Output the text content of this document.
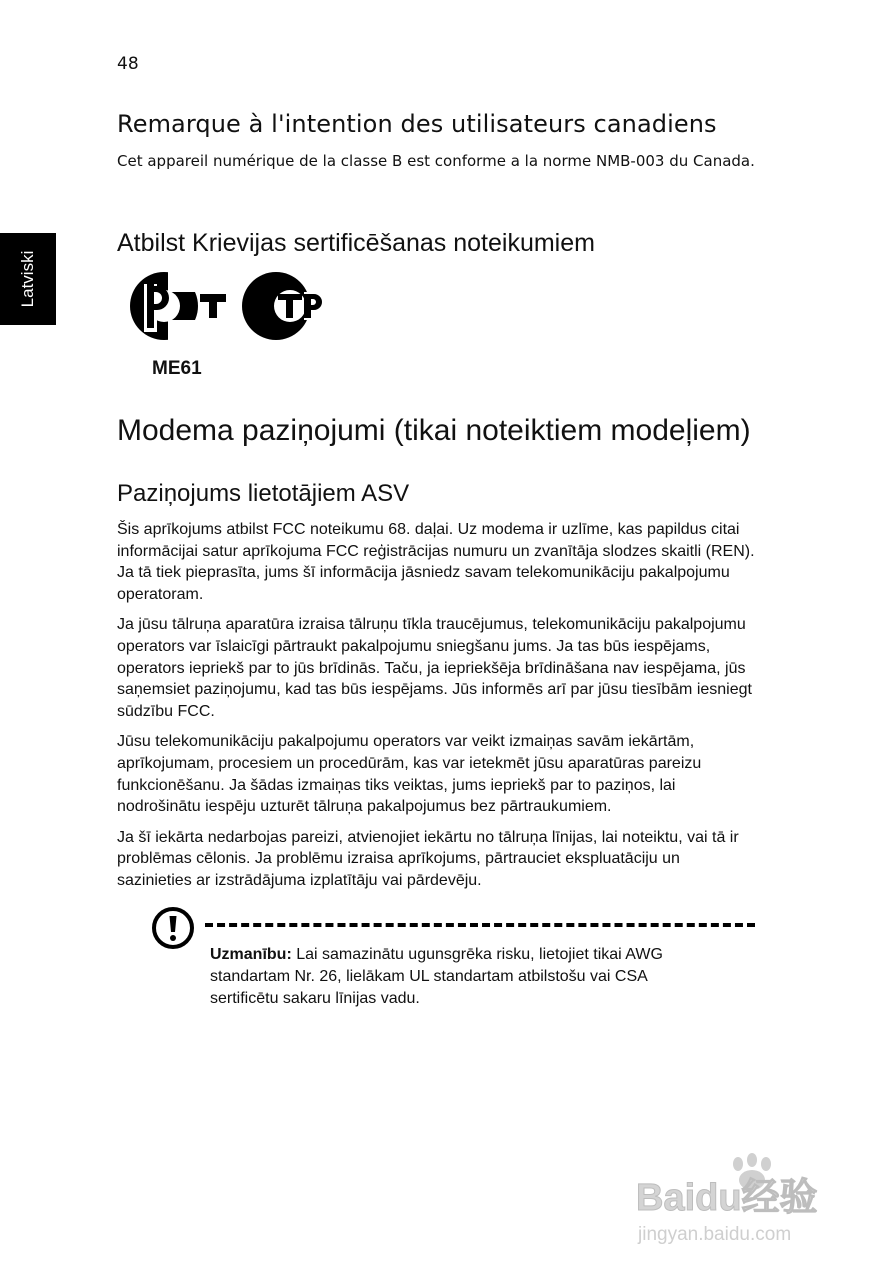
48
Latviski
Remarque à l'intention des utilisateurs canadiens

Cet appareil numérique de la classe B est conforme a la norme NMB-003 du Canada.

Atbilst Krievijas sertificēšanas noteikumiem
ME61
Modema paziņojumi (tikai noteiktiem modeļiem)
Paziņojums lietotājiem ASV

Šis aprīkojums atbilst FCC noteikumu 68. daļai. Uz modema ir uzlīme, kas papildus citai informācijai satur aprīkojuma FCC reģistrācijas numuru un zvanītāja slodzes skaitli (REN). Ja tā tiek pieprasīta, jums šī informācija jāsniedz savam telekomunikāciju pakalpojumu operatoram.

Ja jūsu tālruņa aparatūra izraisa tālruņu tīkla traucējumus, telekomunikāciju pakalpojumu operators var īslaicīgi pārtraukt pakalpojumu sniegšanu jums. Ja tas būs iespējams, operators iepriekš par to jūs brīdinās. Taču, ja iepriekšēja brīdināšana nav iespējama, jūs saņemsiet paziņojumu, kad tas būs iespējams. Jūs informēs arī par jūsu tiesībām iesniegt sūdzību FCC.

Jūsu telekomunikāciju pakalpojumu operators var veikt izmaiņas savām iekārtām, aprīkojumam, procesiem un procedūrām, kas var ietekmēt jūsu aparatūras pareizu funkcionēšanu. Ja šādas izmaiņas tiks veiktas, jums iepriekš par to paziņos, lai nodrošinātu iespēju uzturēt tālruņa pakalpojumus bez pārtraukumiem.

Ja šī iekārta nedarbojas pareizi, atvienojiet iekārtu no tālruņa līnijas, lai noteiktu, vai tā ir problēmas cēlonis. Ja problēmu izraisa aprīkojums, pārtrauciet ekspluatāciju un sazinieties ar izstrādājuma izplatītāju vai pārdevēju.

Uzmanību: Lai samazinātu ugunsgrēka risku, lietojiet tikai AWG standartam Nr. 26, lielākam UL standartam atbilstošu vai CSA sertificētu sakaru līnijas vadu.

Baidu经验
jingyan.baidu.com
